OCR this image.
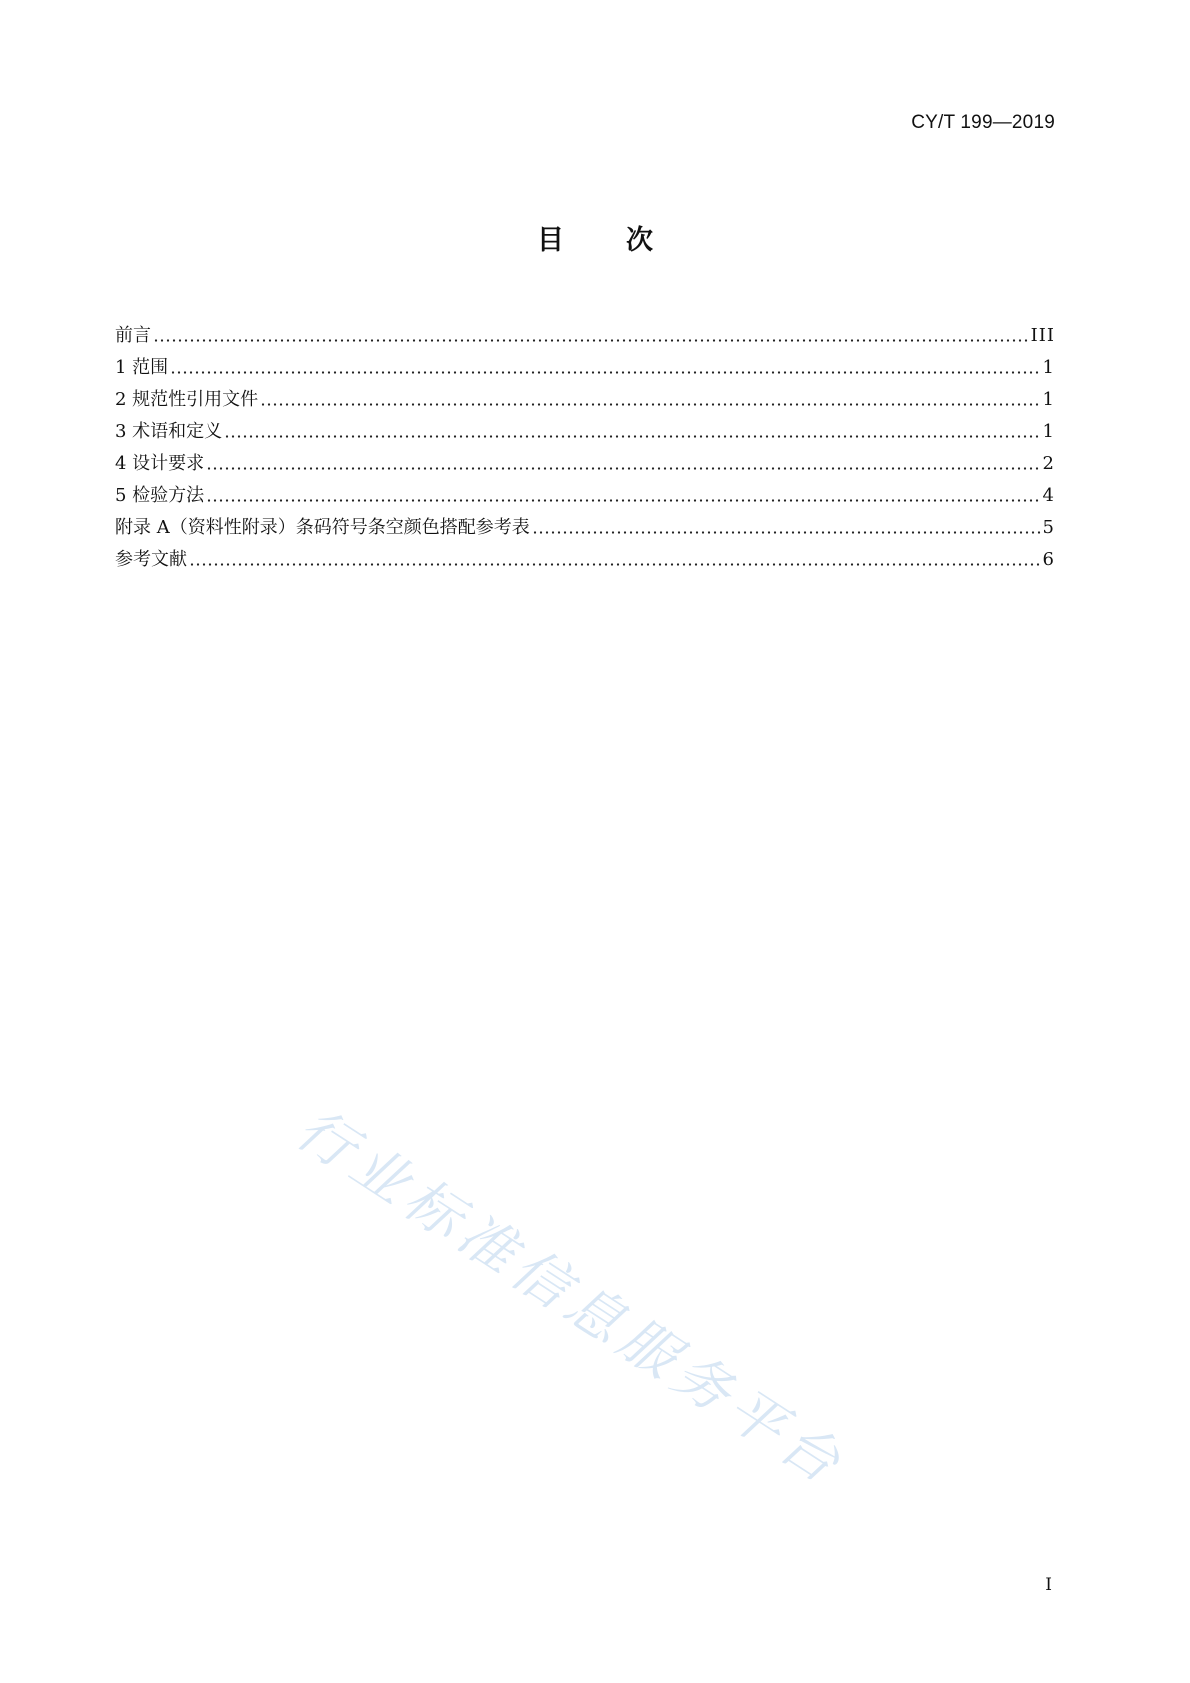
CY/T 199—2019
目 次
前言	III
1 范围	1
2 规范性引用文件	1
3 术语和定义	1
4 设计要求	2
5 检验方法	4
附录 A（资料性附录）条码符号条空颜色搭配参考表	5
参考文献	6
行业标准信息服务平台
I
